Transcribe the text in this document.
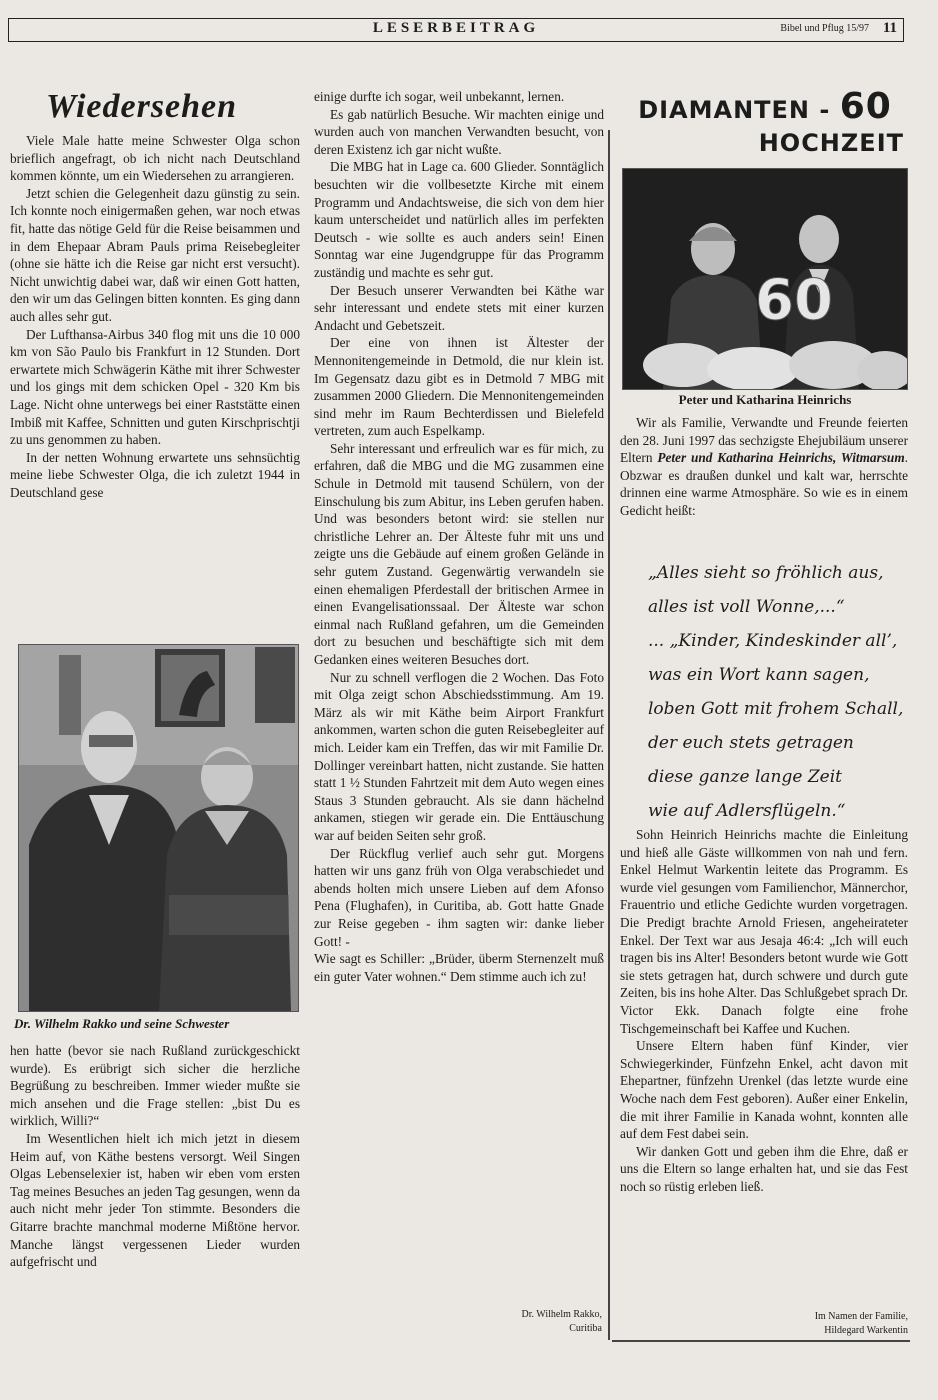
LESERBEITRAG	Bibel und Pflug 15/97 11
Wiedersehen

Viele Male hatte meine Schwester Olga schon brieflich angefragt, ob ich nicht nach Deutschland kommen könnte, um ein Wiedersehen zu arrangieren.

Jetzt schien die Gelegenheit dazu günstig zu sein. Ich konnte noch einigermaßen gehen, war noch etwas fit, hatte das nötige Geld für die Reise beisammen und in dem Ehepaar Abram Pauls prima Reisebegleiter (ohne sie hätte ich die Reise gar nicht erst versucht). Nicht unwichtig dabei war, daß wir einen Gott hatten, den wir um das Gelingen bitten konnten. Es ging dann auch alles sehr gut.

Der Lufthansa-Airbus 340 flog mit uns die 10 000 km von São Paulo bis Frankfurt in 12 Stunden. Dort erwartete mich Schwägerin Käthe mit ihrer Schwester und los gings mit dem schicken Opel - 320 Km bis Lage. Nicht ohne unterwegs bei einer Raststätte einen Imbiß mit Kaffee, Schnitten und guten Kirschprischtji zu uns genommen zu haben.

In der netten Wohnung erwartete uns sehnsüchtig meine liebe Schwester Olga, die ich zuletzt 1944 in Deutschland gese

Dr. Wilhelm Rakko und seine Schwester

hen hatte (bevor sie nach Rußland zurückgeschickt wurde). Es erübrigt sich sicher die herzliche Begrüßung zu beschreiben. Immer wieder mußte sie mich ansehen und die Frage stellen: „bist Du es wirklich, Willi?“

Im Wesentlichen hielt ich mich jetzt in diesem Heim auf, von Käthe bestens versorgt. Weil Singen Olgas Lebenselexier ist, haben wir eben vom ersten Tag meines Besuches an jeden Tag gesungen, wenn da auch nicht mehr jeder Ton stimmte. Besonders die Gitarre brachte manchmal moderne Mißtöne hervor. Manche längst vergessenen Lieder wurden aufgefrischt und

einige durfte ich sogar, weil unbekannt, lernen.

Es gab natürlich Besuche. Wir machten einige und wurden auch von manchen Verwandten besucht, von deren Existenz ich gar nicht wußte.

Die MBG hat in Lage ca. 600 Glieder. Sonntäglich besuchten wir die vollbesetzte Kirche mit einem Programm und Andachtsweise, die sich von dem hier kaum unterscheidet und natürlich alles im perfekten Deutsch - wie sollte es auch anders sein! Einen Sonntag war eine Jugendgruppe für das Programm zuständig und machte es sehr gut.

Der Besuch unserer Verwandten bei Käthe war sehr interessant und endete stets mit einer kurzen Andacht und Gebetszeit.

Der eine von ihnen ist Ältester der Mennonitengemeinde in Detmold, die nur klein ist. Im Gegensatz dazu gibt es in Detmold 7 MBG mit zusammen 2000 Gliedern. Die Mennonitengemeinden sind mehr im Raum Bechterdissen und Bielefeld vertreten, zum auch Espelkamp.

Sehr interessant und erfreulich war es für mich, zu erfahren, daß die MBG und die MG zusammen eine Schule in Detmold mit tausend Schülern, von der Einschulung bis zum Abitur, ins Leben gerufen haben. Und was besonders betont wird: sie stellen nur christliche Lehrer an. Der Älteste fuhr mit uns und zeigte uns die Gebäude auf einem großen Gelände in sehr gutem Zustand. Gegenwärtig verwandeln sie einen ehemaligen Pferdestall der britischen Armee in einen Evangelisationssaal. Der Älteste war schon einmal nach Rußland gefahren, um die Gemeinden dort zu besuchen und beschäftigte sich mit dem Gedanken eines weiteren Besuches dort.

Nur zu schnell verflogen die 2 Wochen. Das Foto mit Olga zeigt schon Abschiedsstimmung. Am 19. März als wir mit Käthe beim Airport Frankfurt ankommen, warten schon die guten Reisebegleiter auf mich. Leider kam ein Treffen, das wir mit Familie Dr. Dollinger vereinbart hatten, nicht zustande. Sie hatten statt 1 ½ Stunden Fahrtzeit mit dem Auto wegen eines Staus 3 Stunden gebraucht. Als sie dann hächelnd ankamen, stiegen wir gerade ein. Die Enttäuschung war auf beiden Seiten sehr groß.

Der Rückflug verlief auch sehr gut. Morgens hatten wir uns ganz früh von Olga verabschiedet und abends holten mich unsere Lieben auf dem Afonso Pena (Flughafen), in Curitiba, ab. Gott hatte Gnade zur Reise gegeben - ihm sagten wir: danke lieber Gott! -

Wie sagt es Schiller: „Brüder, überm Sternenzelt muß ein guter Vater wohnen.“ Dem stimme auch ich zu!

Dr. Wilhelm Rakko,
Curitiba
DIAMANTEN - 60
HOCHZEIT
60
Peter und Katharina Heinrichs

Wir als Familie, Verwandte und Freunde feierten den 28. Juni 1997 das sechzigste Ehejubiläum unserer Eltern Peter und Katharina Heinrichs, Witmarsum. Obzwar es draußen dunkel und kalt war, herrschte drinnen eine warme Atmosphäre. So wie es in einem Gedicht heißt:

„Alles sieht so fröhlich aus,
alles ist voll Wonne,...“
... „Kinder, Kindeskinder all’,
was ein Wort kann sagen,
loben Gott mit frohem Schall,
der euch stets getragen
diese ganze lange Zeit
wie auf Adlersflügeln.“

Sohn Heinrich Heinrichs machte die Einleitung und hieß alle Gäste willkommen von nah und fern. Enkel Helmut Warkentin leitete das Programm. Es wurde viel gesungen vom Familienchor, Männerchor, Frauentrio und etliche Gedichte wurden vorgetragen. Die Predigt brachte Arnold Friesen, angeheirateter Enkel. Der Text war aus Jesaja 46:4: „Ich will euch tragen bis ins Alter! Besonders betont wurde wie Gott sie stets getragen hat, durch schwere und durch gute Zeiten, bis ins hohe Alter. Das Schlußgebet sprach Dr. Victor Ekk. Danach folgte eine frohe Tischgemeinschaft bei Kaffee und Kuchen.

Unsere Eltern haben fünf Kinder, vier Schwiegerkinder, Fünfzehn Enkel, acht davon mit Ehepartner, fünfzehn Urenkel (das letzte wurde eine Woche nach dem Fest geboren). Außer einer Enkelin, die mit ihrer Familie in Kanada wohnt, konnten alle auf dem Fest dabei sein.

Wir danken Gott und geben ihm die Ehre, daß er uns die Eltern so lange erhalten hat, und sie das Fest noch so rüstig erleben ließ.

Im Namen der Familie,
Hildegard Warkentin
